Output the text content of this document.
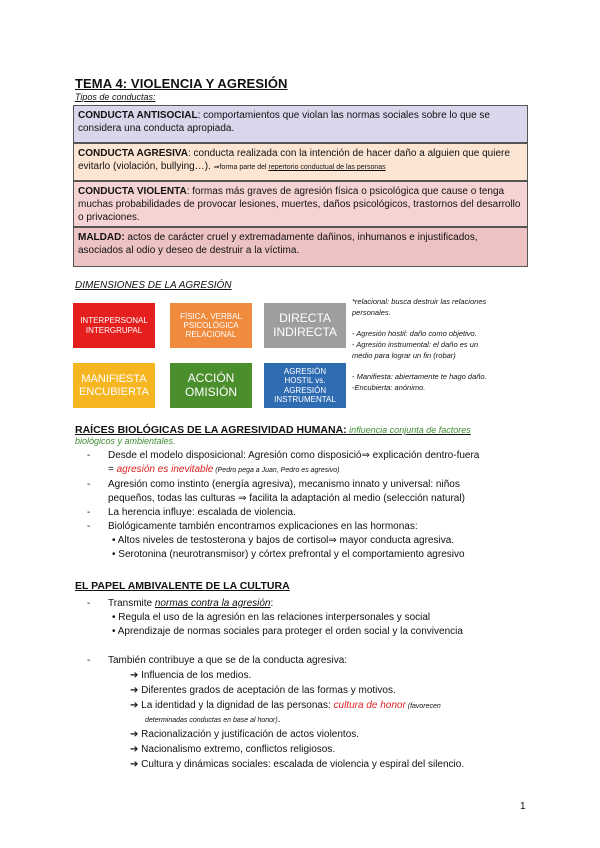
TEMA 4: VIOLENCIA Y AGRESIÓN
Tipos de conductas:
CONDUCTA ANTISOCIAL: comportamientos que violan las normas sociales sobre lo que se considera una conducta apropiada.
CONDUCTA AGRESIVA: conducta realizada con la intención de hacer daño a alguien que quiere evitarlo (violación, bullying…). ⇒forma parte del repertorio conductual de las personas
CONDUCTA VIOLENTA: formas más graves de agresión física o psicológica que cause o tenga muchas probabilidades de provocar lesiones, muertes, daños psicológicos, trastornos del desarrollo o privaciones.
MALDAD: actos de carácter cruel y extremadamente dañinos, inhumanos e injustificados, asociados al odio y deseo de destruir a la víctima.
DIMENSIONES DE LA AGRESIÓN
INTERPERSONAL
INTERGRUPAL
FÍSICA, VERBAL
PSICOLÓGICA
RELACIONAL
DIRECTA
INDIRECTA
MANIFIESTA
ENCUBIERTA
ACCIÓN
OMISIÓN
AGRESIÓN
HOSTIL vs.
AGRESIÓN INSTRUMENTAL
*relacional: busca destruir las relaciones
personales.
- Agresión hostil: daño como objetivo.
- Agresión instrumental: el daño es un
medio para lograr un fin (robar)
- Manifiesta: abiertamente te hago daño.
-Encubierta: anónimo.
RAÍCES BIOLÓGICAS DE LA AGRESIVIDAD HUMANA: influencia conjunta de factores
biológicos y ambientales.
- Desde el modelo disposicional: Agresión como disposició⇒ explicación dentro-fuera
= agresión es inevitable (Pedro pega a Juan, Pedro es agresivo)
- Agresión como instinto (energía agresiva), mecanismo innato y universal: niños
pequeños, todas las culturas ⇒ facilita la adaptación al medio (selección natural)
- La herencia influye: escalada de violencia.
- Biológicamente también encontramos explicaciones en las hormonas:
• Altos niveles de testosterona y bajos de cortisol⇒ mayor conducta agresiva.
• Serotonina (neurotransmisor) y córtex prefrontal y el comportamiento agresivo
EL PAPEL AMBIVALENTE DE LA CULTURA
- Transmite normas contra la agresión:
• Regula el uso de la agresión en las relaciones interpersonales y social
• Aprendizaje de normas sociales para proteger el orden social y la convivencia
- También contribuye a que se de la conducta agresiva:
➔ Influencia de los medios.
➔ Diferentes grados de aceptación de las formas y motivos.
➔ La identidad y la dignidad de las personas: cultura de honor (favorecen
determinadas conductas en base al honor).
➔ Racionalización y justificación de actos violentos.
➔ Nacionalismo extremo, conflictos religiosos.
➔ Cultura y dinámicas sociales: escalada de violencia y espiral del silencio.
1
